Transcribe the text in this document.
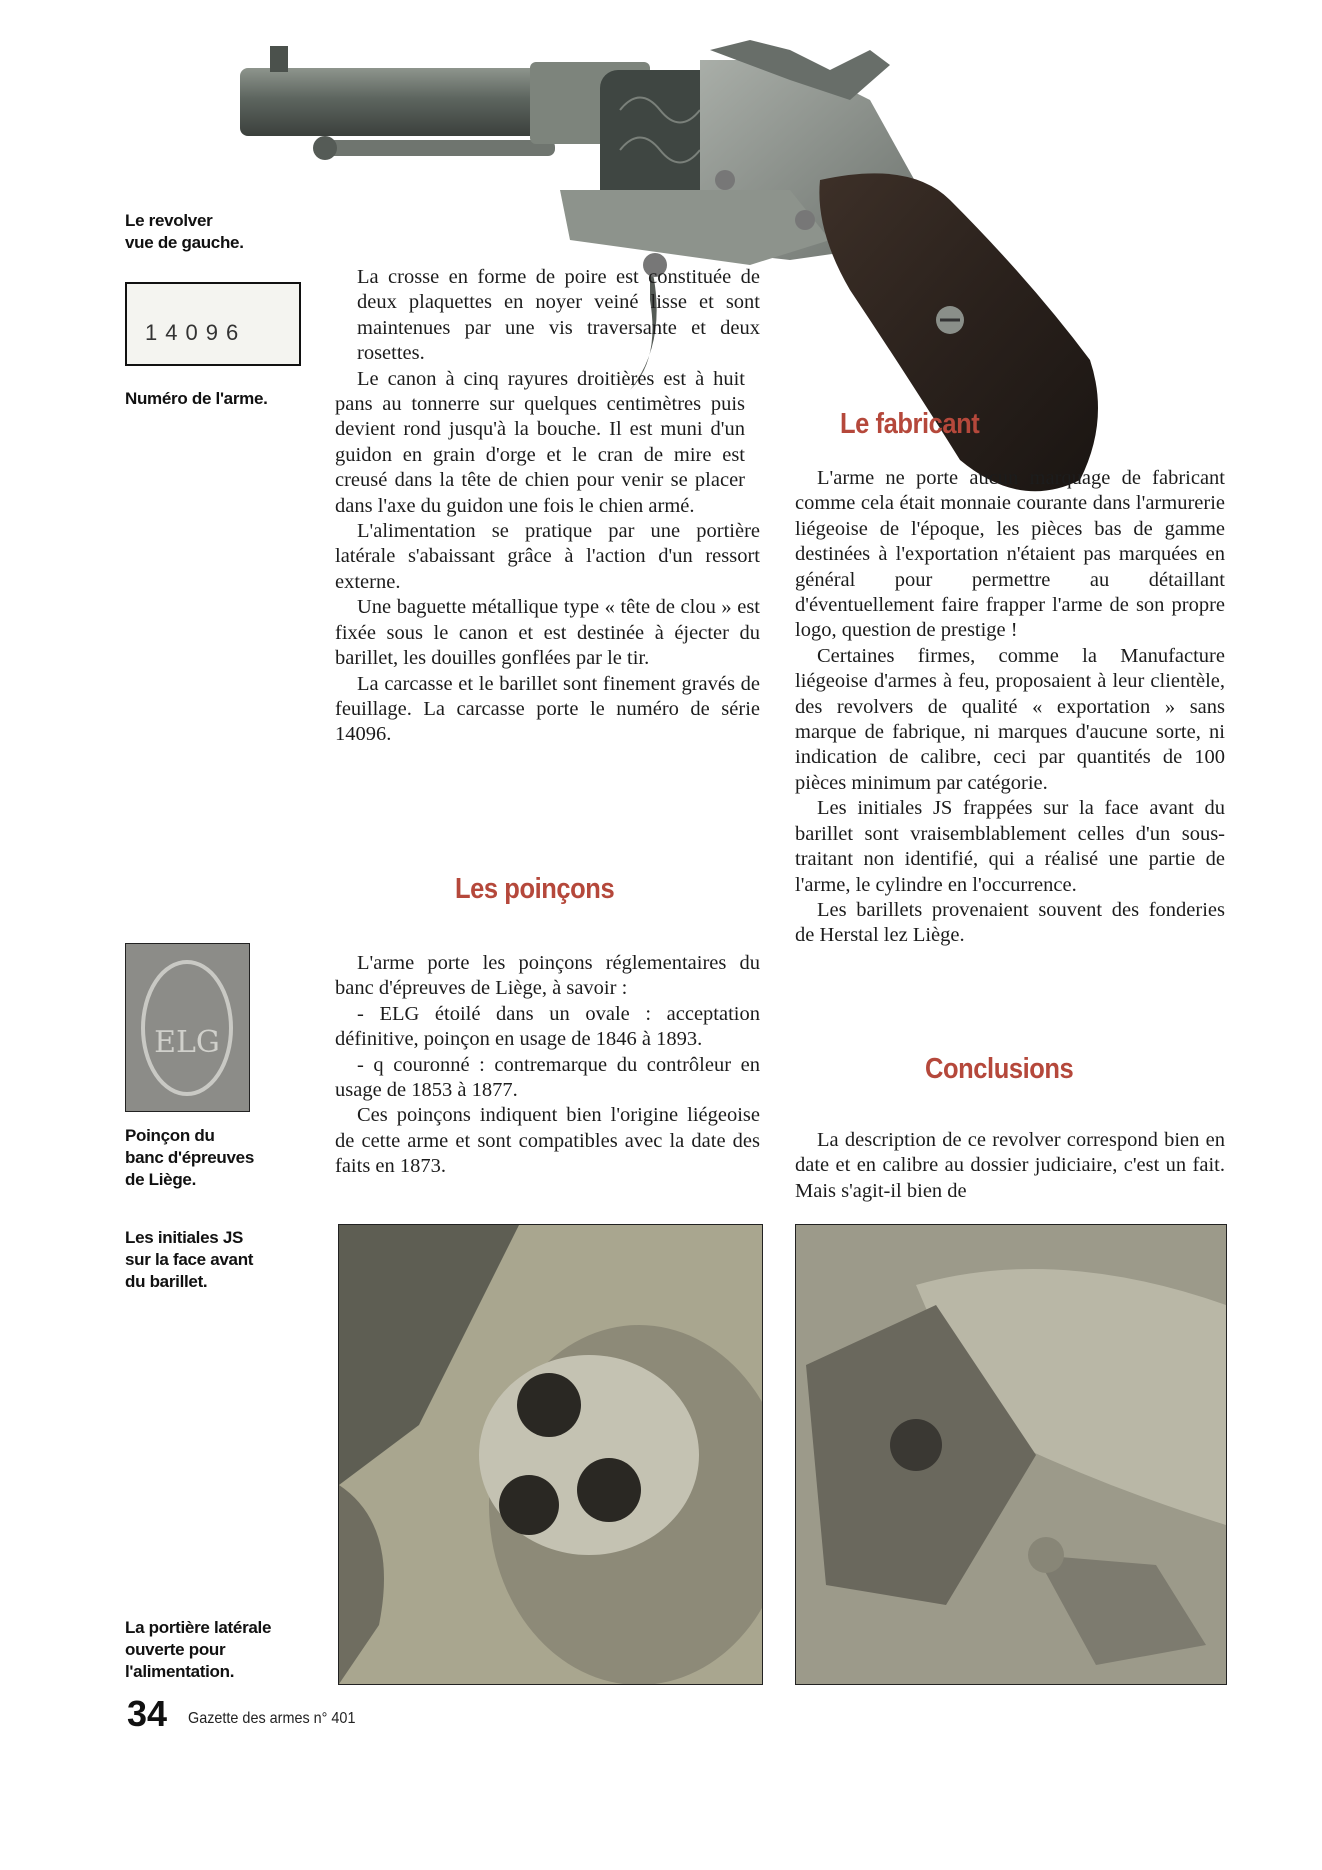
Le revolver
vue de gauche.
14096
Numéro de l'arme.
ELG
Poinçon du
banc d'épreuves
de Liège.
Les initiales JS
sur la face avant
du barillet.
La portière latérale
ouverte pour
l'alimentation.

La crosse en forme de poire est constituée de deux plaquettes en noyer veiné lisse et sont maintenues par une vis traversante et deux rosettes.

Le canon à cinq rayures droitières est à huit pans au tonnerre sur quelques centimètres puis devient rond jusqu'à la bouche. Il est muni d'un guidon en grain d'orge et le cran de mire est creusé dans la tête de chien pour venir se placer dans l'axe du guidon une fois le chien armé.

L'alimentation se pratique par une portière latérale s'abaissant grâce à l'action d'un ressort externe.

Une baguette métallique type « tête de clou » est fixée sous le canon et est destinée à éjecter du barillet, les douilles gonflées par le tir.

La carcasse et le barillet sont finement gravés de feuillage. La carcasse porte le numéro de série 14096.

Les poinçons

L'arme porte les poinçons réglementaires du banc d'épreuves de Liège, à savoir :

- ELG étoilé dans un ovale : acceptation définitive, poinçon en usage de 1846 à 1893.

- q couronné : contremarque du contrôleur en usage de 1853 à 1877.

Ces poinçons indiquent bien l'origine liégeoise de cette arme et sont compatibles avec la date des faits en 1873.

Le fabricant

L'arme ne porte aucun marquage de fabricant comme cela était monnaie courante dans l'armurerie liégeoise de l'époque, les pièces bas de gamme destinées à l'exportation n'étaient pas marquées en général pour permettre au détaillant d'éventuellement faire frapper l'arme de son propre logo, question de prestige !

Certaines firmes, comme la Manufacture liégeoise d'armes à feu, proposaient à leur clientèle, des revolvers de qualité « exportation » sans marque de fabrique, ni marques d'aucune sorte, ni indication de calibre, ceci par quantités de 100 pièces minimum par catégorie.

Les initiales JS frappées sur la face avant du barillet sont vraisemblablement celles d'un sous-traitant non identifié, qui a réalisé une partie de l'arme, le cylindre en l'occurrence.

Les barillets provenaient souvent des fonderies de Herstal lez Liège.

Conclusions

La description de ce revolver correspond bien en date et en calibre au dossier judiciaire, c'est un fait. Mais s'agit-il bien de

34 Gazette des armes n° 401
